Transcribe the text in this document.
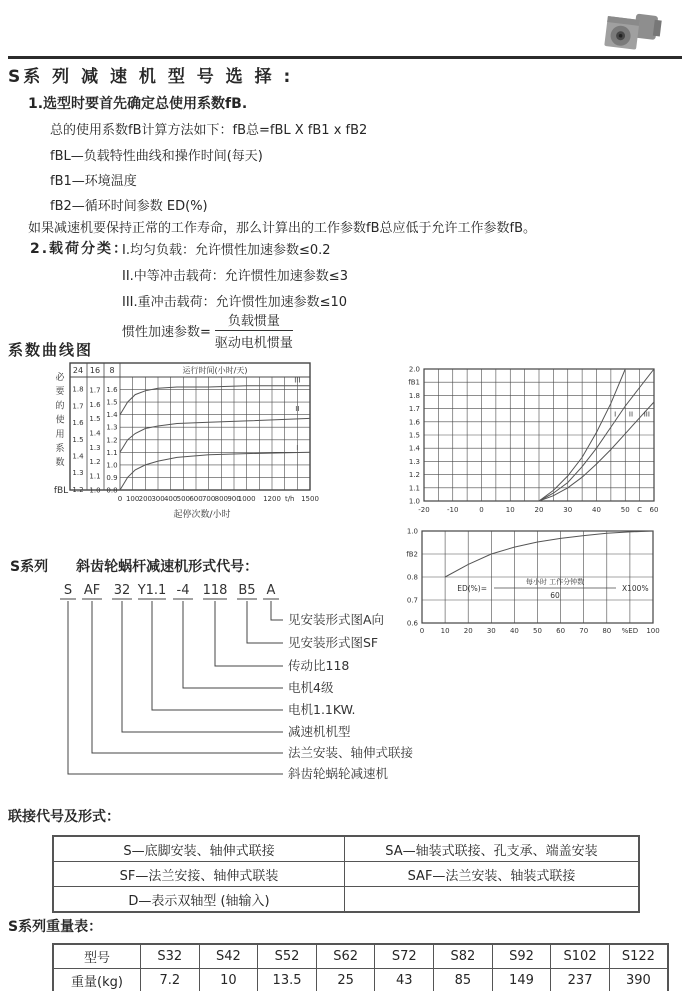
S系 列 减 速 机 型 号 选 择 :
1.选型时要首先确定总使用系数fB.
总的使用系数fB计算方法如下：fB总=fBL X fB1 x fB2
fBL—负载特性曲线和操作时间(每天)
fB1—环境温度
fB2—循环时间参数 ED(%)
如果减速机要保持正常的工作寿命，那么计算出的工作参数fB总应低于允许工作参数fB。
2.载荷分类：
I.均匀负载：允许惯性加速参数≤0.2
II.中等冲击载荷：允许惯性加速参数≤3
III.重冲击载荷：允许惯性加速参数≤10
惯性加速参数= $\frac{\text{负载惯量}}{\text{驱动电机惯量}}$
系数曲线图
24 16 8	运行时间(小时/天)
1.6
1.5
1.4
1.3
1.2
1.1
1.0
0.9
0.8
1.7
1.6
1.5
1.4
1.3
1.2
1.1
1.0
1.8
1.7
1.6
1.5
1.4
1.3
1.2
必
要
的
使
用
系
数
fBL
0 100 200 300 400 500 600 700 800 900
1000 1200 t/h 1500
起停次数/小时
I
II
III
2.0
fB1
1.8
1.7
1.6
1.5
1.4
1.3
1.2
1.1
1.0
-20 -10	0	10	20	30	40	50 C 60
I II III
1.0
fB2
0.8
0.7
0.6
0 10 20 30 40 50 60 70 80 %ED 100
ED(%)=
每小时 工作分钟数
60
X100%
S系列 斜齿轮蜗杆减速机形式代号：
S AF 32 Y1.1 -4 118 B5 A
见安装形式图A向
见安装形式图SF
传动比118
电机4级
电机1.1KW.
减速机机型
法兰安装、轴伸式联接
斜齿轮蜗轮减速机
联接代号及形式：
S—底脚安装、轴伸式联接	SA—轴装式联接、孔支承、端盖安装
SF—法兰安接、轴伸式联装	SAF—法兰安装、轴装式联接
D—表示双轴型 (轴输入)	
S系列重量表：
型号	S32	S42	S52	S62	S72	S82	S92	S102	S122
重量(kg)	7.2	10	13.5	25	43	85	149	237	390
